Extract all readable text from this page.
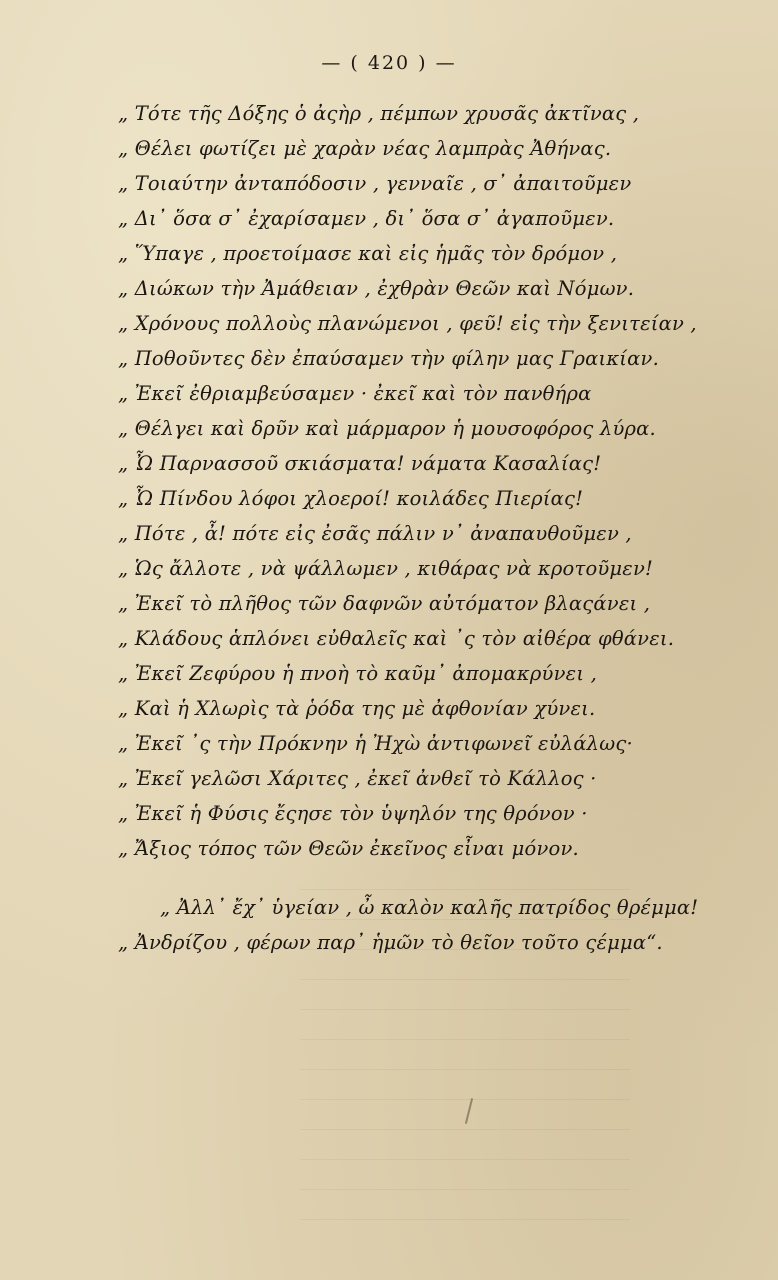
— ( 420 ) —
„ Τότε τῆς Δόξης ὁ ἀςὴρ , πέμπων χρυσᾶς ἀκτῖνας ,
„ Θέλει φωτίζει μὲ χαρὰν νέας λαμπρὰς Ἀθήνας.
„ Τοιαύτην ἀνταπόδοσιν , γενναῖε , σ᾽ ἀπαιτοῦμεν
„ Δι᾽ ὅσα σ᾽ ἐχαρίσαμεν , δι᾽ ὅσα σ᾽ ἀγαποῦμεν.
„ Ὕπαγε , προετοίμασε καὶ εἰς ἡμᾶς τὸν δρόμον ,
„ Διώκων τὴν Ἀμάθειαν , ἐχθρὰν Θεῶν καὶ Νόμων.
„ Χρόνους πολλοὺς πλανώμενοι , φεῦ! εἰς τὴν ξενιτείαν ,
„ Ποθοῦντες δὲν ἐπαύσαμεν τὴν φίλην μας Γραικίαν.
„ Ἐκεῖ ἐθριαμβεύσαμεν · ἐκεῖ καὶ τὸν πανθήρα
„ Θέλγει καὶ δρῦν καὶ μάρμαρον ἡ μουσοφόρος λύρα.
„ Ὦ Παρνασσοῦ σκιάσματα! νάματα Κασαλίας!
„ Ὦ Πίνδου λόφοι χλοεροί! κοιλάδες Πιερίας!
„ Πότε , ἆ! πότε εἰς ἐσᾶς πάλιν ν᾽ ἀναπαυθοῦμεν ,
„ Ὡς ἄλλοτε , νὰ ψάλλωμεν , κιθάρας νὰ κροτοῦμεν!
„ Ἐκεῖ τὸ πλῆθος τῶν δαφνῶν αὐτόματον βλαςάνει ,
„ Κλάδους ἁπλόνει εὐθαλεῖς καὶ ᾽ς τὸν αἰθέρα φθάνει.
„ Ἐκεῖ Ζεφύρου ἡ πνοὴ τὸ καῦμ᾽ ἀπομακρύνει ,
„ Καὶ ἡ Χλωρὶς τὰ ῥόδα της μὲ ἀφθονίαν χύνει.
„ Ἐκεῖ ᾽ς τὴν Πρόκνην ἡ Ἠχὼ ἀντιφωνεῖ εὐλάλως·
„ Ἐκεῖ γελῶσι Χάριτες , ἐκεῖ ἀνθεῖ τὸ Κάλλος ·
„ Ἐκεῖ ἡ Φύσις ἔςησε τὸν ὑψηλόν της θρόνον ·
„ Ἄξιος τόπος τῶν Θεῶν ἐκεῖνος εἶναι μόνον.
„ Ἀλλ᾽ ἔχ᾽ ὑγείαν , ὦ καλὸν καλῆς πατρίδος θρέμμα!
„ Ἀνδρίζου , φέρων παρ᾽ ἡμῶν τὸ θεῖον τοῦτο ςέμμα“.
